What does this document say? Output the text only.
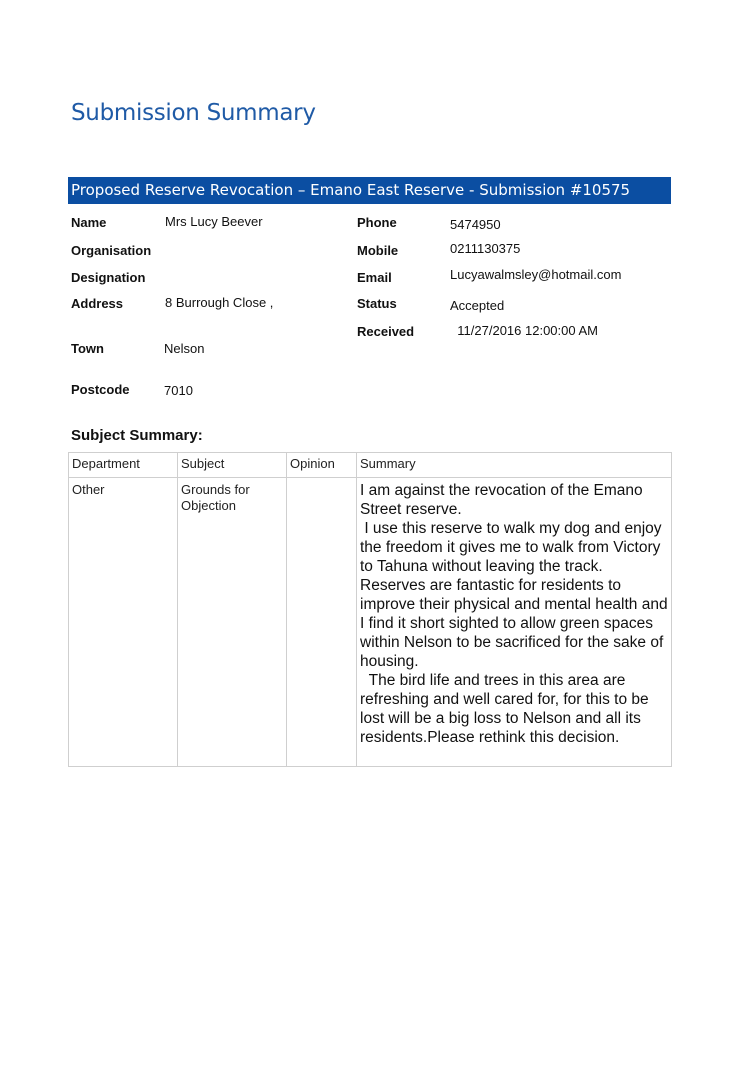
Submission Summary
Proposed Reserve Revocation – Emano East Reserve - Submission #10575
Name	Mrs Lucy Beever
Organisation
Designation
Address	8 Burrough Close ,
Town	Nelson
Postcode	7010
Phone	5474950
Mobile	0211130375
Email	Lucyawalmsley@hotmail.com
Status	Accepted
Received	11/27/2016 12:00:00 AM
Subject Summary:
Department	Subject	Opinion	Summary
Other	Grounds for Objection		I am against the revocation of the Emano Street reserve.
I use this reserve to walk my dog and enjoy the freedom it gives me to walk from Victory to Tahuna without leaving the track. Reserves are fantastic for residents to improve their physical and mental health and I find it short sighted to allow green spaces within Nelson to be sacrificed for the sake of housing.
The bird life and trees in this area are refreshing and well cared for, for this to be lost will be a big loss to Nelson and all its residents.Please rethink this decision.
